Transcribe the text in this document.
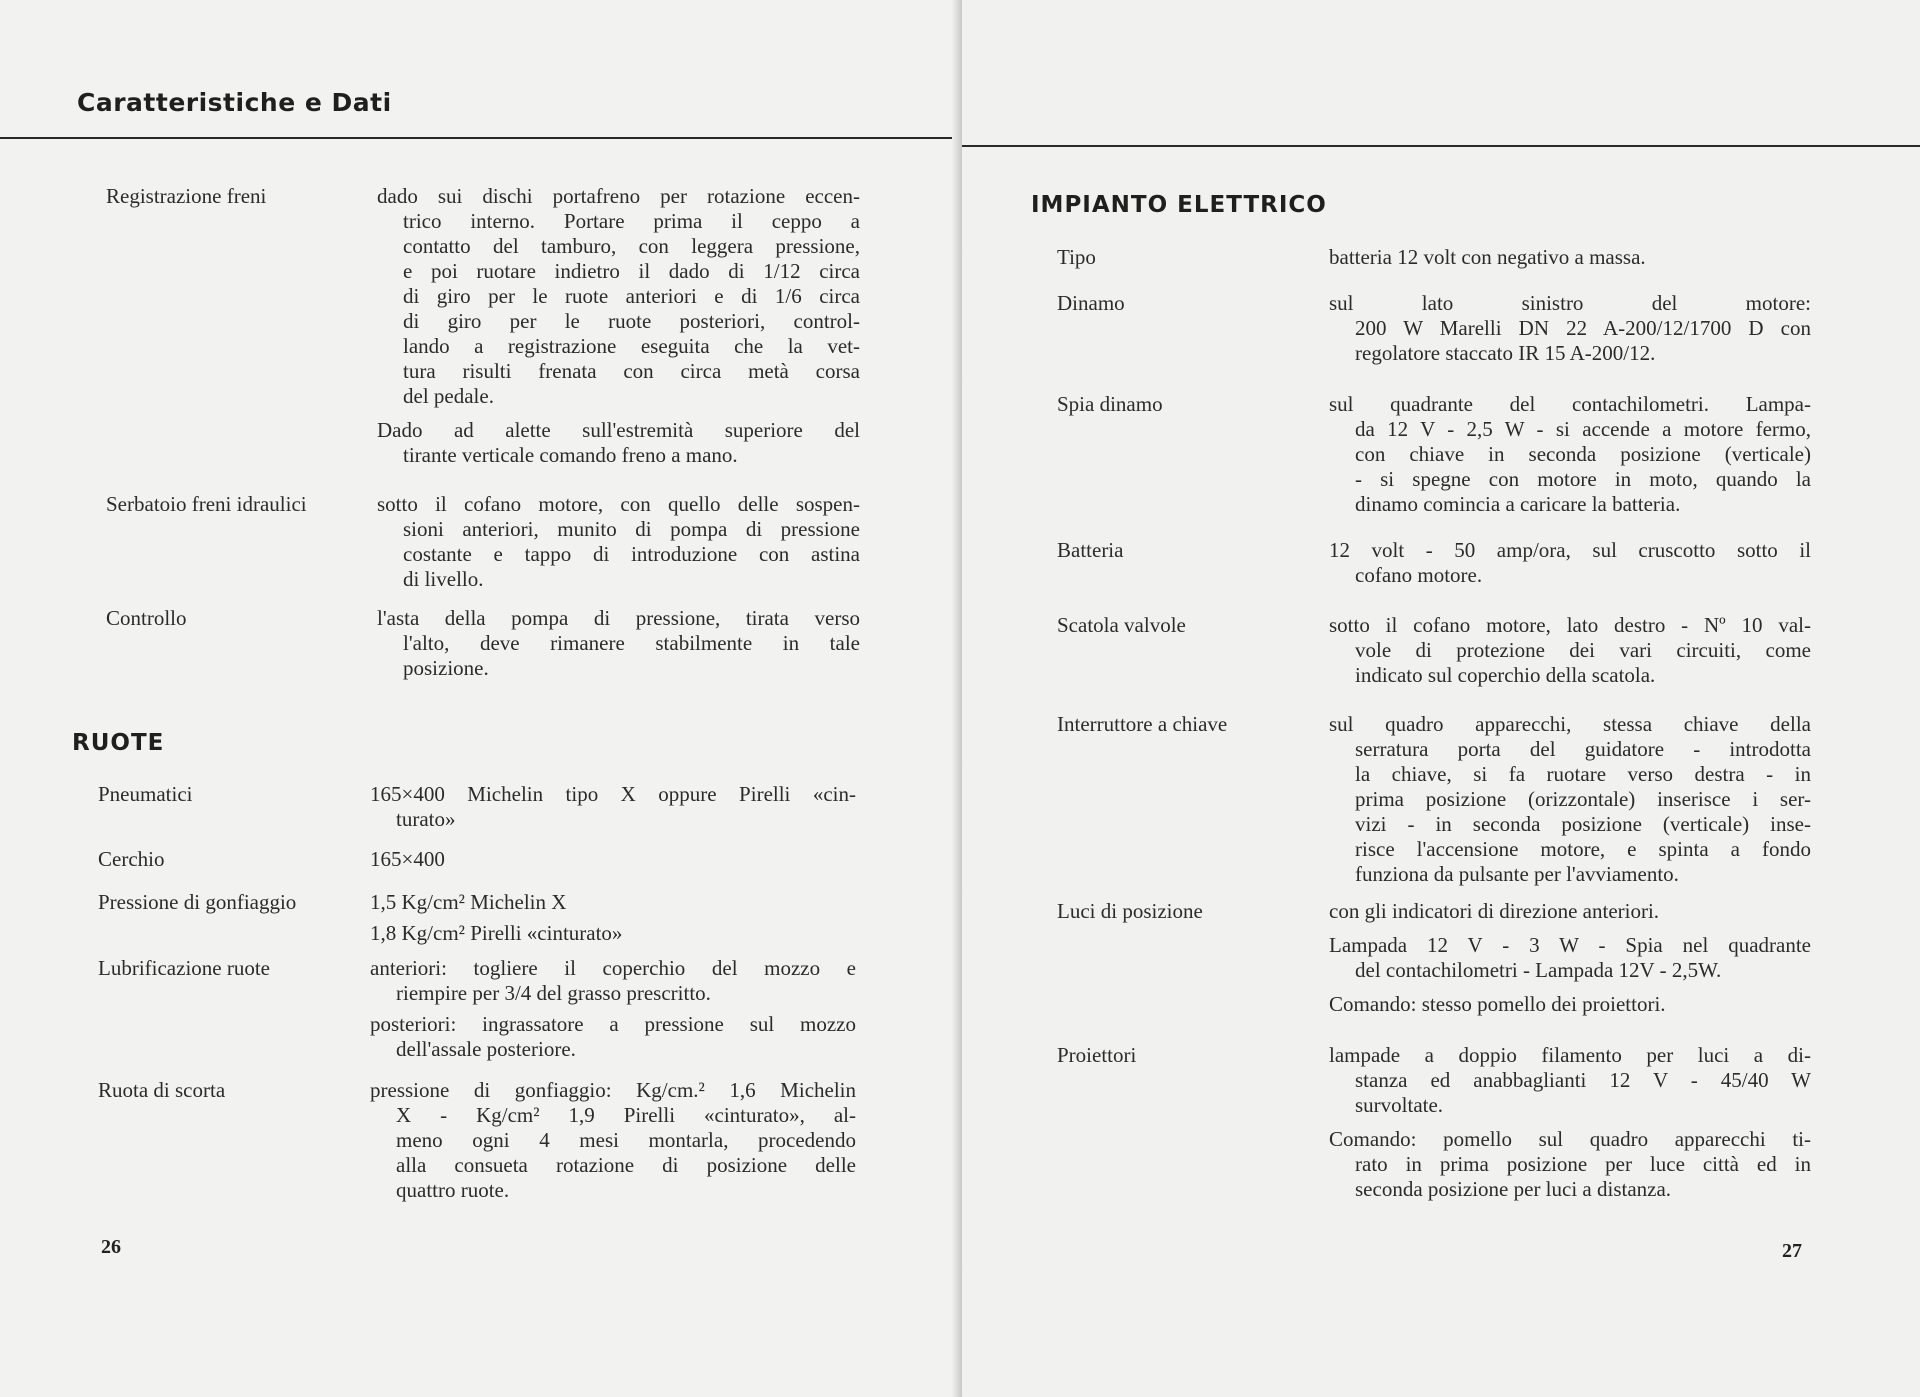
Caratteristiche e Dati
RUOTE
26
IMPIANTO ELETTRICO
27
Registrazione freni	dado sui dischi portafreno per rotazione eccen-
trico interno. Portare prima il ceppo a
contatto del tamburo, con leggera pressione,
e poi ruotare indietro il dado di 1/12 circa
di giro per le ruote anteriori e di 1/6 circa
di giro per le ruote posteriori, control-
lando a registrazione eseguita che la vet-
tura risulti frenata con circa metà corsa
del pedale.
Dado ad alette sull'estremità superiore del
tirante verticale comando freno a mano.
Serbatoio freni idraulici	sotto il cofano motore, con quello delle sospen-
sioni anteriori, munito di pompa di pressione
costante e tappo di introduzione con astina
di livello.
Controllo	l'asta della pompa di pressione, tirata verso
l'alto, deve rimanere stabilmente in tale
posizione.
Pneumatici	165×400 Michelin tipo X oppure Pirelli «cin-
turato»
Cerchio	165×400
Pressione di gonfiaggio	1,5 Kg/cm² Michelin X
1,8 Kg/cm² Pirelli «cinturato»
Lubrificazione ruote	anteriori: togliere il coperchio del mozzo e
riempire per 3/4 del grasso prescritto.
posteriori: ingrassatore a pressione sul mozzo
dell'assale posteriore.
Ruota di scorta	pressione di gonfiaggio: Kg/cm.² 1,6 Michelin
X - Kg/cm² 1,9 Pirelli «cinturato», al-
meno ogni 4 mesi montarla, procedendo
alla consueta rotazione di posizione delle
quattro ruote.
Tipo	batteria 12 volt con negativo a massa.
Dinamo	sul lato sinistro del motore:
200 W Marelli DN 22 A-200/12/1700 D con
regolatore staccato IR 15 A-200/12.
Spia dinamo	sul quadrante del contachilometri. Lampa-
da 12 V - 2,5 W - si accende a motore fermo,
con chiave in seconda posizione (verticale)
- si spegne con motore in moto, quando la
dinamo comincia a caricare la batteria.
Batteria	12 volt - 50 amp/ora, sul cruscotto sotto il
cofano motore.
Scatola valvole	sotto il cofano motore, lato destro - Nº 10 val-
vole di protezione dei vari circuiti, come
indicato sul coperchio della scatola.
Interruttore a chiave	sul quadro apparecchi, stessa chiave della
serratura porta del guidatore - introdotta
la chiave, si fa ruotare verso destra - in
prima posizione (orizzontale) inserisce i ser-
vizi - in seconda posizione (verticale) inse-
risce l'accensione motore, e spinta a fondo
funziona da pulsante per l'avviamento.
Luci di posizione	con gli indicatori di direzione anteriori.
Lampada 12 V - 3 W - Spia nel quadrante
del contachilometri - Lampada 12V - 2,5W.
Comando: stesso pomello dei proiettori.
Proiettori	lampade a doppio filamento per luci a di-
stanza ed anabbaglianti 12 V - 45/40 W
survoltate.
Comando: pomello sul quadro apparecchi ti-
rato in prima posizione per luce città ed in
seconda posizione per luci a distanza.
